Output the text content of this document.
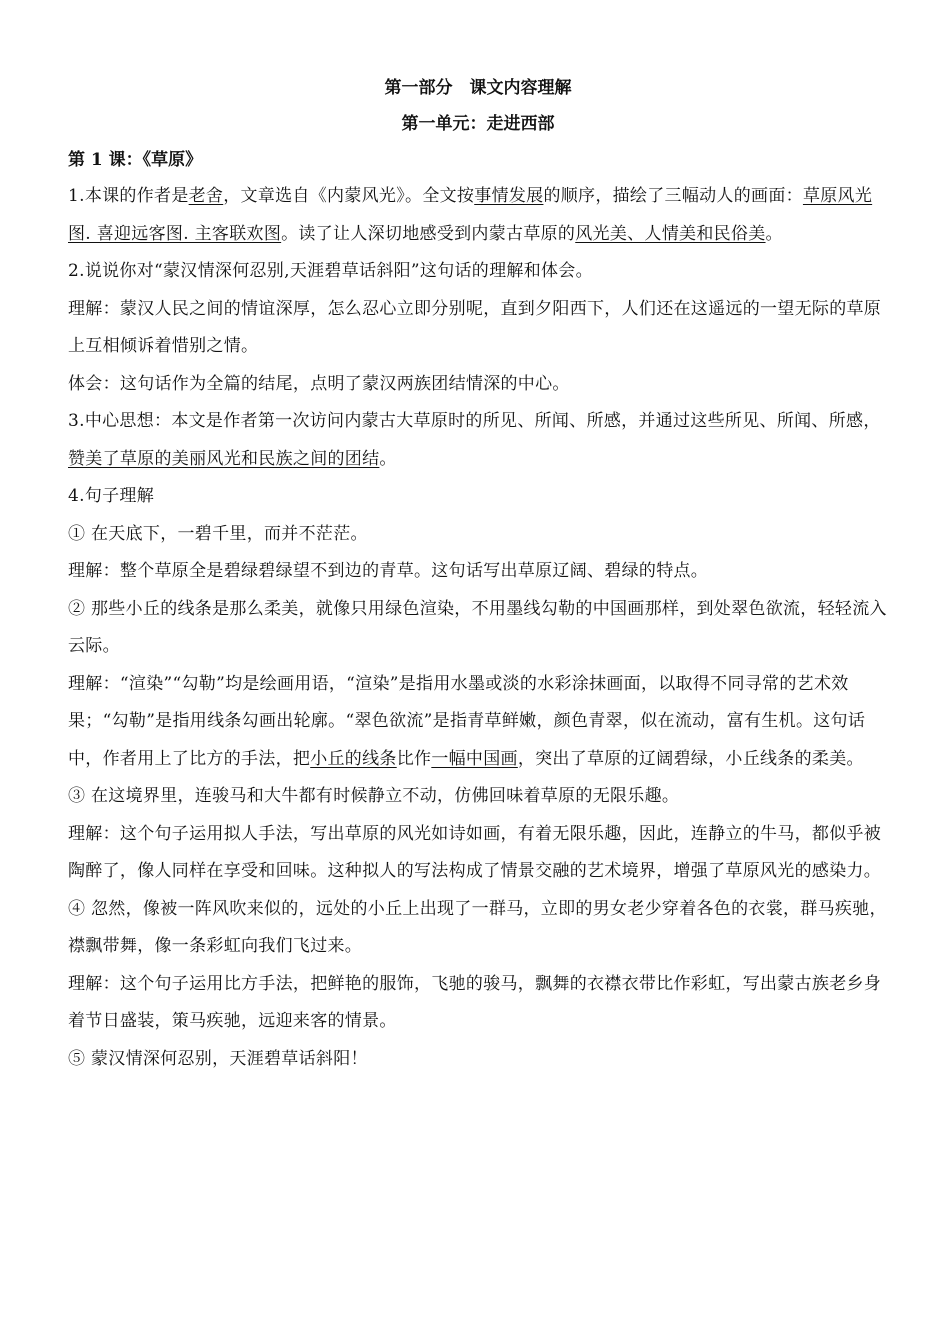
第一部分　课文内容理解

第一单元：走进西部

第 1 课：《草原》

1.本课的作者是老舍，文章选自《内蒙风光》。全文按事情发展的顺序，描绘了三幅动人的画面：草原风光图. 喜迎远客图. 主客联欢图。读了让人深切地感受到内蒙古草原的风光美、人情美和民俗美。

2.说说你对“蒙汉情深何忍别,天涯碧草话斜阳”这句话的理解和体会。

理解：蒙汉人民之间的情谊深厚，怎么忍心立即分别呢，直到夕阳西下，人们还在这遥远的一望无际的草原上互相倾诉着惜别之情。

体会：这句话作为全篇的结尾，点明了蒙汉两族团结情深的中心。

3.中心思想：本文是作者第一次访问内蒙古大草原时的所见、所闻、所感，并通过这些所见、所闻、所感，赞美了草原的美丽风光和民族之间的团结。

4.句子理解

① 在天底下，一碧千里，而并不茫茫。

理解：整个草原全是碧绿碧绿望不到边的青草。这句话写出草原辽阔、碧绿的特点。

② 那些小丘的线条是那么柔美，就像只用绿色渲染，不用墨线勾勒的中国画那样，到处翠色欲流，轻轻流入云际。

理解：“渲染”“勾勒”均是绘画用语，“渲染”是指用水墨或淡的水彩涂抹画面，以取得不同寻常的艺术效果；“勾勒”是指用线条勾画出轮廓。“翠色欲流”是指青草鲜嫩，颜色青翠，似在流动，富有生机。这句话中，作者用上了比方的手法，把小丘的线条比作一幅中国画，突出了草原的辽阔碧绿，小丘线条的柔美。

③ 在这境界里，连骏马和大牛都有时候静立不动，仿佛回味着草原的无限乐趣。

理解：这个句子运用拟人手法，写出草原的风光如诗如画，有着无限乐趣，因此，连静立的牛马，都似乎被陶醉了，像人同样在享受和回味。这种拟人的写法构成了情景交融的艺术境界，增强了草原风光的感染力。

④ 忽然，像被一阵风吹来似的，远处的小丘上出现了一群马，立即的男女老少穿着各色的衣裳，群马疾驰，襟飘带舞，像一条彩虹向我们飞过来。

理解：这个句子运用比方手法，把鲜艳的服饰，飞驰的骏马，飘舞的衣襟衣带比作彩虹，写出蒙古族老乡身着节日盛装，策马疾驰，远迎来客的情景。

⑤ 蒙汉情深何忍别，天涯碧草话斜阳！
